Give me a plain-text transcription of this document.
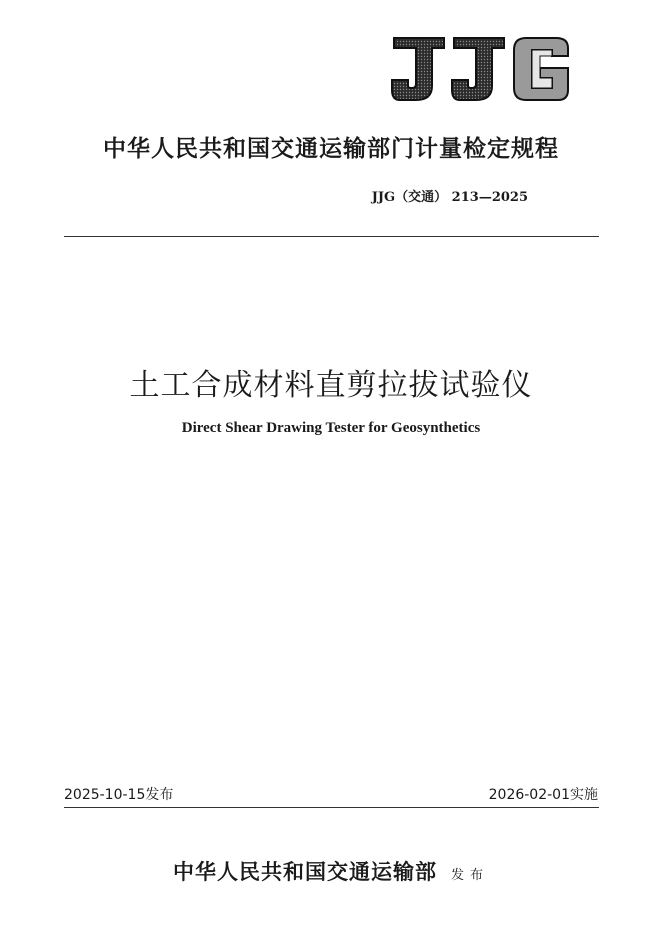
中华人民共和国交通运输部门计量检定规程
JJG（交通） 213—2025
土工合成材料直剪拉拔试验仪
Direct Shear Drawing Tester for Geosynthetics
2025-10-15发布	2026-02-01实施
中华人民共和国交通运输部 发布
